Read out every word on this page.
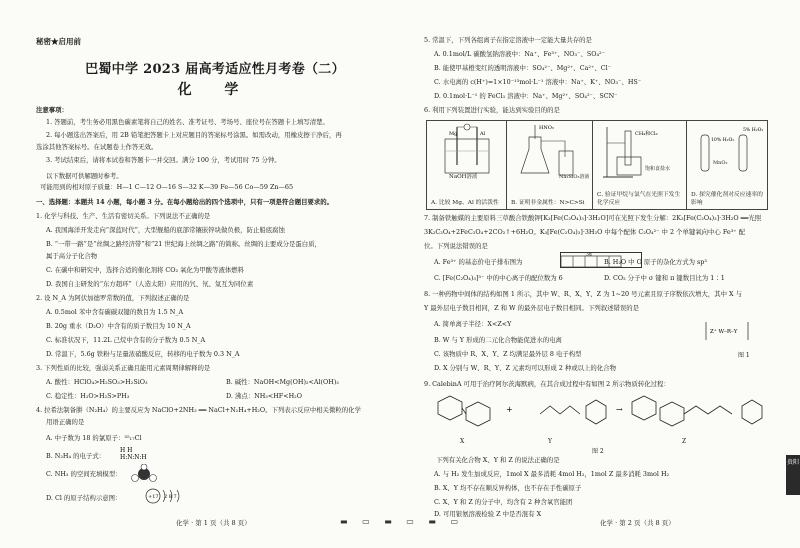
秘密★启用前
巴蜀中学 2023 届高考适应性月考卷（二）
化 学
注意事项：
1. 答题前，考生务必用黑色碳素笔将自己的姓名、准考证号、考场号、座位号在答题卡上填写清楚。
2. 每小题选出答案后，用 2B 铅笔把答题卡上对应题目的答案标号涂黑。如需改动，用橡皮擦干净后，再
选涂其他答案标号。在试题卷上作答无效。
3. 考试结束后，请将本试卷和答题卡一并交回。满分 100 分，考试用时 75 分钟。
以下数据可供解题时参考。
可能用到的相对原子质量：H—1 C—12 O—16 S—32 K—39 Fe—56 Co—59 Zn—65
一、选择题：本题共 14 小题，每小题 3 分。在每小题给出的四个选项中，只有一项是符合题目要求的。
1. 化学与科技、生产、生活有密切关系。下列说法不正确的是
A. 我国海洋开发走向“深蓝时代”，大型舰船的底部常镶嵌锌块做负极，防止船底腐蚀
B. “一带一路”是“丝绸之路经济带”和“21 世纪海上丝绸之路”的简称。丝绸的主要成分是蛋白质，
属于高分子化合物
C. 在碳中和研究中，选择合适的催化剂将 CO₂ 氧化为甲酸等液体燃料
D. 我国自主研发的“东方超环”（人造太阳）应用的氕、氘、氚互为同位素
2. 设 N_A 为阿伏加德罗常数的值，下列叙述正确的是
A. 0.5mol 苯中含有碳碳双键的数目为 1.5 N_A
B. 20g 重水（D₂O）中含有的质子数目为 10 N_A
C. 标准状况下，11.2L 己烷中含有的分子数为 0.5 N_A
D. 常温下，5.6g 铁粉与足量浓硝酸反应，转移的电子数为 0.3 N_A
3. 下列性质的比较，强弱关系正确且能用元素周期律解释的是
A. 酸性：HClO₄>H₂SO₃>H₂SiO₃	B. 碱性：NaOH<Mg(OH)₂<Al(OH)₃
C. 稳定性：H₂O>H₂S>PH₃	D. 沸点：NH₃<HF<H₂O
4. 拉希法制备肼（N₂H₄）的主要反应为 NaClO+2NH₃ ══ NaCl+N₂H₄+H₂O。下列表示反应中相关微粒的化学
用语正确的是
A. 中子数为 18 的氯原子：³⁵₁₇Cl
B. N₂H₄ 的电子式：
C. NH₃ 的空间充填模型：
D. Cl 的原子结构示意图：
H H
H:N:N:H
+17 2 8 7
5. 常温下，下列各组离子在指定溶液中一定能大量共存的是
A. 0.1mol/L 碳酸氢钠溶液中：Na⁺、Fe³⁺、NO₃⁻、SO₄²⁻
B. 能使甲基橙变红的透明溶液中：SO₄²⁻、Mg²⁺、Ca²⁺、Cl⁻
C. 水电离的 c(H⁺)=1×10⁻¹³mol·L⁻¹ 溶液中：Na⁺、K⁺、NO₃⁻、HS⁻
D. 0.1mol·L⁻¹ 的 FeCl₃ 溶液中：Na⁺、Mg²⁺、SO₄²⁻、SCN⁻
6. 利用下列装置进行实验，能达到实验目的的是
Mg	Al
NaOH溶液
A. 比较 Mg、Al 的活泼性
HNO₃
Na₂SiO₃溶液
B. 证明非金属性：N>C>Si
CH₄和Cl₂
饱和食盐水
C. 验证甲烷与氯气在光照下发生化学反应
10% H₂O₂
5% H₂O₂
MnO₂
D. 探究催化剂对反应速率的影响
7. 制备铁触媒的主要原料三草酸合铁酸钾[K₃[Fe(C₂O₄)₃]·3H₂O]可在光照下发生分解：2K₃[Fe(C₂O₄)₃]·3H₂O ══光照
3K₂C₂O₄+2FeC₂O₄+2CO₂↑+6H₂O。K₃[Fe(C₂O₄)₃]·3H₂O 中每个配体 C₂O₄²⁻ 中 2 个单键氧向中心 Fe³⁺ 配
位。下列说法错误的是
A. Fe³⁺ 的基态价电子排布图为
3d
B. H₂O 中 O 原子的杂化方式为 sp³
C. [Fe(C₂O₄)₃]³⁻ 中的中心离子的配位数为 6	D. CO₂ 分子中 σ 键和 π 键数目比为 1∶1
8. 一种药物中间体的结构如图 1 所示，其中 W、R、X、Y、Z 为 1~20 号元素且原子序数依次增大，其中 X 与
Y 最外层电子数目相同，Z 和 W 的最外层电子数目相同。下列叙述错误的是
A. 简单离子半径：X<Z<Y
B. W 与 Y 形成的二元化合物能促进水的电离
C. 该物质中 R、X、Y、Z 均满足最外层 8 电子构型
D. X 分别与 W、R、Y、Z 元素均可以形成 2 种或以上的化合物
Z⁺ W–R–Y
图 1
9. CalebinA 可用于治疗阿尔茨海默病，在其合成过程中有如图 2 所示物质转化过程：
+	→
X	Y	Z
图 2
下列有关化合物 X、Y 和 Z 的说法正确的是
A. 与 H₂ 发生加成反应，1mol X 最多消耗 4mol H₂，1mol Z 最多消耗 3mol H₂
B. X、Y 均不存在顺反异构体，也不存在手性碳原子
C. X、Y 和 Z 的分子中，均含有 2 种含氧官能团
D. 可用银氨溶液检验 Z 中是否混有 X
贵阳
化学 · 第 1 页（共 8 页）	▬ ▭ ▬ ▭ ▬ ▭	化学 · 第 2 页（共 8 页）
